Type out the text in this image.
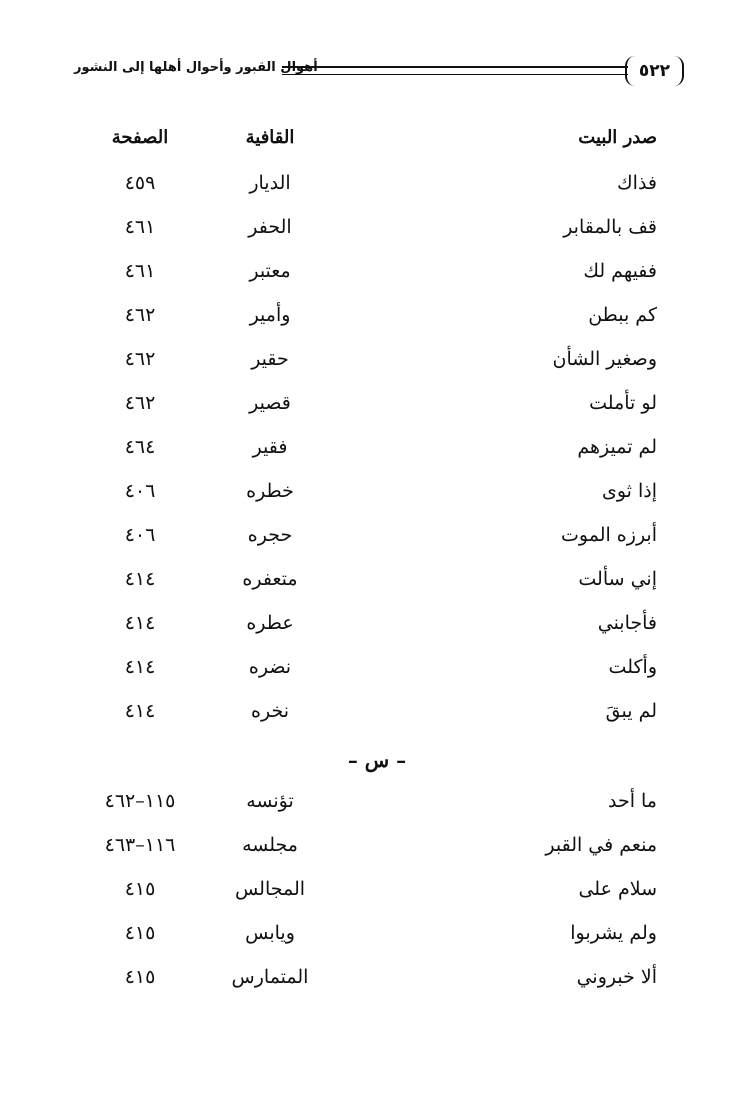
٥٢٢
أهوال القبور وأحوال أهلها إلى النشور
صدر البيت
القافية
الصفحة
فذاك
الديار
٤٥٩
قف بالمقابر
الحفر
٤٦١
ففيهم لك
معتبر
٤٦١
كم ببطن
وأمير
٤٦٢
وصغير الشأن
حقير
٤٦٢
لو تأملت
قصير
٤٦٢
لم تميزهم
فقير
٤٦٤
إذا ثوى
خطره
٤٠٦
أبرزه الموت
حجره
٤٠٦
إني سألت
متعفره
٤١٤
فأجابني
عطره
٤١٤
وأكلت
نضره
٤١٤
لم يبقَ
نخره
٤١٤
– س –
ما أحد
تؤنسه
١١٥–٤٦٢
منعم في القبر
مجلسه
١١٦–٤٦٣
سلام على
المجالس
٤١٥
ولم يشربوا
ويابس
٤١٥
ألا خبروني
المتمارس
٤١٥
